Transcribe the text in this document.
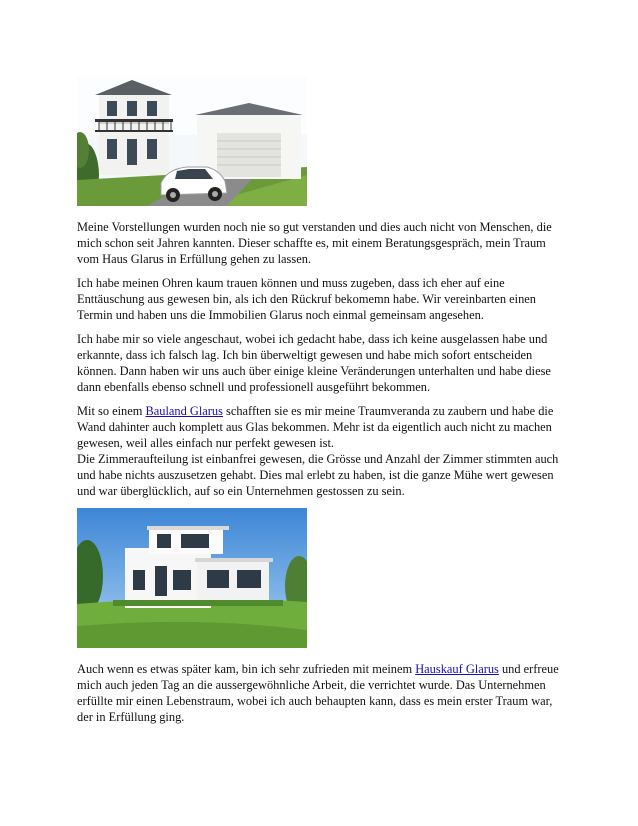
Meine Vorstellungen wurden noch nie so gut verstanden und dies auch nicht von Menschen, die mich schon seit Jahren kannten. Dieser schaffte es, mit einem Beratungsgespräch, mein Traum vom Haus Glarus in Erfüllung gehen zu lassen.

Ich habe meinen Ohren kaum trauen können und muss zugeben, dass ich eher auf eine Enttäuschung aus gewesen bin, als ich den Rückruf bekomemn habe. Wir vereinbarten einen Termin und haben uns die Immobilien Glarus noch einmal gemeinsam angesehen.

Ich habe mir so viele angeschaut, wobei ich gedacht habe, dass ich keine ausgelassen habe und erkannte, dass ich falsch lag. Ich bin überweltigt gewesen und habe mich sofort entscheiden können. Dann haben wir uns auch über einige kleine Veränderungen unterhalten und habe diese dann ebenfalls ebenso schnell und professionell ausgeführt bekommen.

Mit so einem Bauland Glarus schafften sie es mir meine Traumveranda zu zaubern und habe die Wand dahinter auch komplett aus Glas bekommen. Mehr ist da eigentlich auch nicht zu machen gewesen, weil alles einfach nur perfekt gewesen ist.

Die Zimmeraufteilung ist einbanfrei gewesen, die Grösse und Anzahl der Zimmer stimmten auch und habe nichts auszusetzen gehabt. Dies mal erlebt zu haben, ist die ganze Mühe wert gewesen und war überglücklich, auf so ein Unternehmen gestossen zu sein.

Auch wenn es etwas später kam, bin ich sehr zufrieden mit meinem Hauskauf Glarus und erfreue mich auch jeden Tag an die aussergewöhnliche Arbeit, die verrichtet wurde. Das Unternehmen erfüllte mir einen Lebenstraum, wobei ich auch behaupten kann, dass es mein erster Traum war, der in Erfüllung ging.
